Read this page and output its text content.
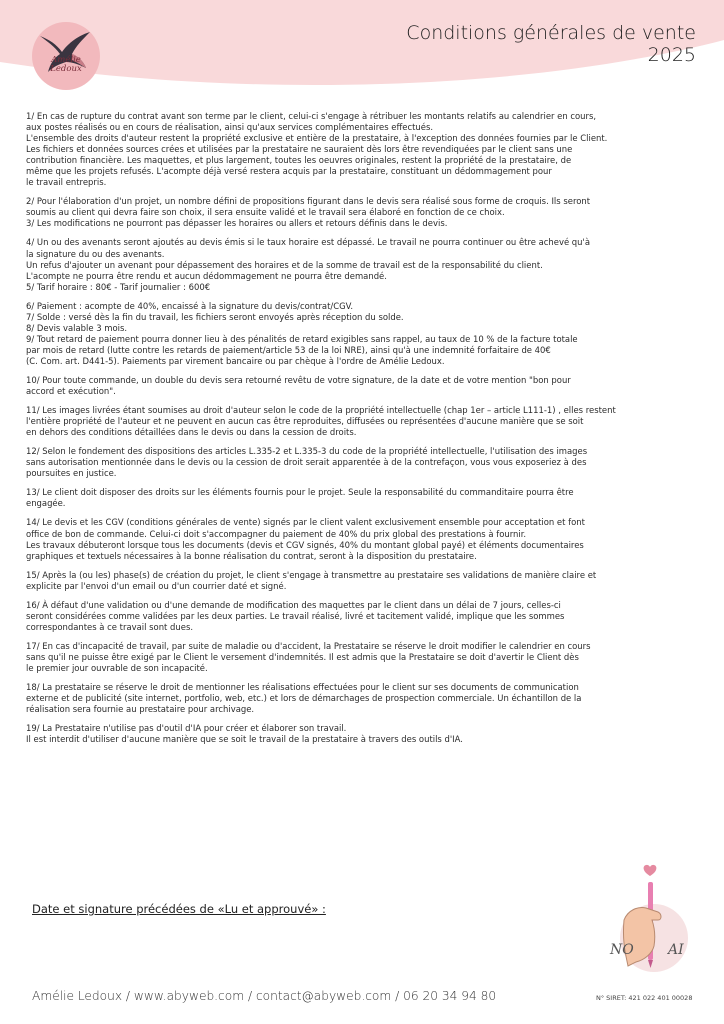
Amélie
Ledoux
Conditions générales de vente
2025

1/ En cas de rupture du contrat avant son terme par le client, celui-ci s'engage à rétribuer les montants relatifs au calendrier en cours,

aux postes réalisés ou en cours de réalisation, ainsi qu'aux services complémentaires effectués.

L'ensemble des droits d'auteur restent la propriété exclusive et entière de la prestataire, à l'exception des données fournies par le Client.

Les fichiers et données sources crées et utilisées par la prestataire ne sauraient dès lors être revendiquées par le client sans une

contribution financière. Les maquettes, et plus largement, toutes les oeuvres originales, restent la propriété de la prestataire, de

même que les projets refusés. L'acompte déjà versé restera acquis par la prestataire, constituant un dédommagement pour

le travail entrepris.

2/ Pour l'élaboration d'un projet, un nombre défini de propositions figurant dans le devis sera réalisé sous forme de croquis. Ils seront

soumis au client qui devra faire son choix, il sera ensuite validé et le travail sera élaboré en fonction de ce choix.

3/ Les modifications ne pourront pas dépasser les horaires ou allers et retours définis dans le devis.

4/ Un ou des avenants seront ajoutés au devis émis si le taux horaire est dépassé. Le travail ne pourra continuer ou être achevé qu'à

la signature du ou des avenants.

Un refus d'ajouter un avenant pour dépassement des horaires et de la somme de travail est de la responsabilité du client.

L'acompte ne pourra être rendu et aucun dédommagement ne pourra être demandé.

5/ Tarif horaire : 80€ - Tarif journalier : 600€

6/ Paiement : acompte de 40%, encaissé à la signature du devis/contrat/CGV.

7/ Solde : versé dès la fin du travail, les fichiers seront envoyés après réception du solde.

8/ Devis valable 3 mois.

9/ Tout retard de paiement pourra donner lieu à des pénalités de retard exigibles sans rappel, au taux de 10 % de la facture totale

par mois de retard (lutte contre les retards de paiement/article 53 de la loi NRE), ainsi qu'à une indemnité forfaitaire de 40€

(C. Com. art. D441-5). Paiements par virement bancaire ou par chèque à l'ordre de Amélie Ledoux.

10/ Pour toute commande, un double du devis sera retourné revêtu de votre signature, de la date et de votre mention "bon pour

accord et exécution".

11/ Les images livrées étant soumises au droit d'auteur selon le code de la propriété intellectuelle (chap 1er – article L111-1) , elles restent

l'entière propriété de l'auteur et ne peuvent en aucun cas être reproduites, diffusées ou représentées d'aucune manière que se soit

en dehors des conditions détaillées dans le devis ou dans la cession de droits.

12/ Selon le fondement des dispositions des articles L.335-2 et L.335-3 du code de la propriété intellectuelle, l'utilisation des images

sans autorisation mentionnée dans le devis ou la cession de droit serait apparentée à de la contrefaçon, vous vous exposeriez à des

poursuites en justice.

13/ Le client doit disposer des droits sur les éléments fournis pour le projet. Seule la responsabilité du commanditaire pourra être

engagée.

14/ Le devis et les CGV (conditions générales de vente) signés par le client valent exclusivement ensemble pour acceptation et font

office de bon de commande. Celui-ci doit s'accompagner du paiement de 40% du prix global des prestations à fournir.

Les travaux débuteront lorsque tous les documents (devis et CGV signés, 40% du montant global payé) et éléments documentaires

graphiques et textuels nécessaires à la bonne réalisation du contrat, seront à la disposition du prestataire.

15/ Après la (ou les) phase(s) de création du projet, le client s'engage à transmettre au prestataire ses validations de manière claire et

explicite par l'envoi d'un email ou d'un courrier daté et signé.

16/ À défaut d'une validation ou d'une demande de modification des maquettes par le client dans un délai de 7 jours, celles-ci

seront considérées comme validées par les deux parties. Le travail réalisé, livré et tacitement validé, implique que les sommes

correspondantes à ce travail sont dues.

17/ En cas d'incapacité de travail, par suite de maladie ou d'accident, la Prestataire se réserve le droit modifier le calendrier en cours

sans qu'il ne puisse être exigé par le Client le versement d'indemnités. Il est admis que la Prestataire se doit d'avertir le Client dès

le premier jour ouvrable de son incapacité.

18/ La prestataire se réserve le droit de mentionner les réalisations effectuées pour le client sur ses documents de communication

externe et de publicité (site internet, portfolio, web, etc.) et lors de démarchages de prospection commerciale. Un échantillon de la

réalisation sera fournie au prestataire pour archivage.

19/ La Prestataire n'utilise pas d'outil d'IA pour créer et élaborer son travail.

Il est interdit d'utiliser d'aucune manière que se soit le travail de la prestataire à travers des outils d'IA.

Date et signature précédées de «Lu et approuvé» :
NO AI
Amélie Ledoux / www.abyweb.com / contact@abyweb.com / 06 20 34 94 80	N° SIRET: 421 022 401 00028
